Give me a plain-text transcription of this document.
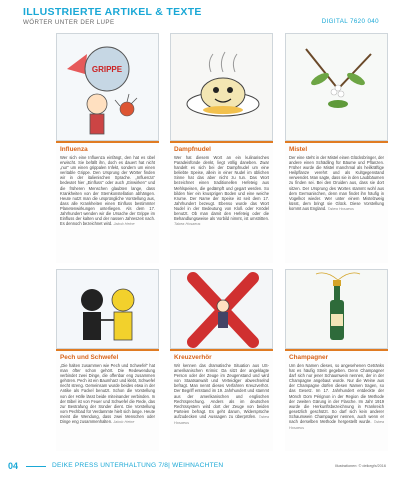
ILLUSTRIERTE ARTIKEL & TEXTE
WÖRTER UNTER DER LUPE	DIGITAL 7620 040
GRIPPE
Influenza
Wer sich eine Influenza einfängt, den hat es übel erwischt. Sie befällt ihn, doch es dauert hat nicht „nur" um einen grippalen Infekt, sondern um einen veritable Grippe. Den Ursprung der Wörter finden wir in der italienischen Sprache. „Influenza" bedeutet hier „Einfluss" oder auch „Einwirken" und die früheren Menschen glaubten lange, dass Krankheiten von der Sternkonstellation abhängen. Heute nutzt man die ursprüngliche Vorstellung aus, dass alle Krankheiten einen Einfluss bestimmter Planetenwirkungen unterliegen. Als dem 17. Jahrhundert wenden wir die Ursache der Grippe im Einfluss der kalten und der nassen Jahreszeit nach. Es dennoch bezeichnet wird. Jakob Heine
Dampfnudel
Wer hat diesem Wort an ein kulinarisches Paradeisfünde denkt, liegt völlig daneben. Zwar handelt es sich bei der Dampfnudel um eine beliebte Speise, allein in einer Nudel im üblichen Sinne hat das aber nicht zu tun. Das Wort bezeichnet einen traditionellen Hefeteig aus Mehlspeisen, die gedämpft und gegart werden. So bilden hier ein knusprigen Boden und eine weiche Krume. Der Name der Speise ist seit dem 17. Jahrhundert bezeugt. Ebenso wurde das Wort Nudel in der Bedeutung von Kloß oder Knödel benutzt. Ob man damit den Hefeteig oder die Behandlungsweise als Vorbild nimmt, ist umstritten. Tabea Hosaeus
Mistel
Der eine steht in der Mistel einen Glücksbringer, der andere einen Schädling für Bäume und Pflanzen. Früher wurde die Mistel manchmal als heilkräftige Heilpflanze verehrt und als Kultgegenstand verwendet. Man sagte, dass sie in den Laubbäumen zu finden sei. Bei den Druiden aus, dass sie dort sitzen. Der Ursprung des Wortes stammt wohl aus dem Germanischen, denn man findet ihn häufig in Vogelkot wieder. Wer unter einem Mistelzweig küsst, dem bringt sie Glück. Diese Vorstellung kommt aus England. Tabea Hosaeus
Pech und Schwefel
„Die halten zusammen wie Pech und Schwefel" hat man öfter schon gehört. Die Redewendung verbindet zwei Dinge, die offenbar eng zusammen gehören. Pech ist ein Baumharz und klebt, Schwefel riecht streng. Gemeinsam wurde beides etwa in der Antike als Fackel benutzt. Schon die Vorstellung von der Hölle lässt beide miteinander verbinden. In der Bibel ist von Feuer und Schwefel die Rede, das zur Bestrafung der Sünder dient. Die Vorstellung vom Pechbad für Verdammte hielt sich lange. Heute meint die Wendung, dass zwei Menschen oder Dinge eng zusammenhalten. Jakob Heine
Kreuzverhör
Wir kennen das dramatische Situation aus US-amerikanischen Krimis: Da sitzt der angeklagte Person oder der Zeuge im Zeugenstand und wird von Staatsanwalt und Verteidiger abwechselnd befragt. Man nennt dieses Verfahren Kreuzverhör. Der Begriff entstand im 19. Jahrhundert und stammt aus der amerikanischen und englischen Rechtsprechung. Anders als im deutschen Rechtssystem wird dort der Zeuge von beiden Parteien befragt. Es geht darum, Widersprüche aufzudecken und Aussagen zu überprüfen. Tabea Hosaeus
Champagner
Um den Namen dieses, so angesehenen Getränks hat es häufig Streit gegeben. Denn Champagner darf sich nur jener Schaumwein nennen, der in der Champagne angebaut wurde. Nur die Weine aus der Champagne dürfen diesen Namen tragen, so das Gesetz. Im 17. Jahrhundert entdeckte der Mönch Dom Pérignon in der Region die Methode der zweiten Gärung in der Flasche. Im Jahr 1919 wurde die Herkunftsbezeichnung in Frankreich gesetzlich geschützt. So darf sich kein anderer Schaumwein Champagner nennen, auch wenn er nach derselben Methode hergestellt wurde. Tabea Hosaeus
04	DEIKE PRESS UNTERHALTUNG 7/8| WEIHNACHTEN	Illustrationen: © deikegfx/2016
